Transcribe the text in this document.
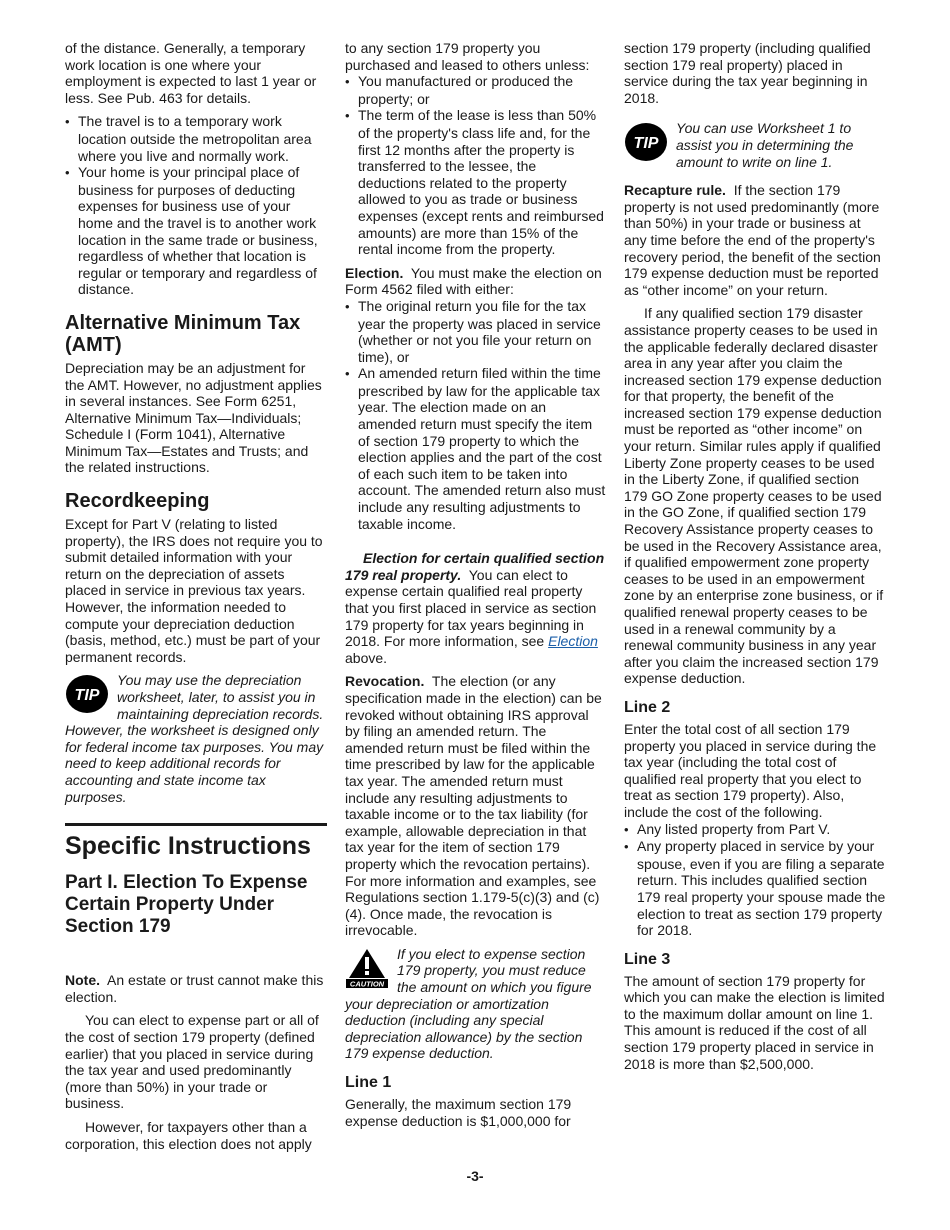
of the distance. Generally, a temporary work location is one where your employment is expected to last 1 year or less. See Pub. 463 for details.

• The travel is to a temporary work location outside the metropolitan area where you live and normally work.

• Your home is your principal place of business for purposes of deducting expenses for business use of your home and the travel is to another work location in the same trade or business, regardless of whether that location is regular or temporary and regardless of distance.

Alternative Minimum Tax (AMT)

Depreciation may be an adjustment for the AMT. However, no adjustment applies in several instances. See Form 6251, Alternative Minimum Tax—Individuals; Schedule I (Form 1041), Alternative Minimum Tax—Estates and Trusts; and the related instructions.

Recordkeeping

Except for Part V (relating to listed property), the IRS does not require you to submit detailed information with your return on the depreciation of assets placed in service in previous tax years. However, the information needed to compute your depreciation deduction (basis, method, etc.) must be part of your permanent records.

TIP
You may use the depreciation worksheet, later, to assist you in maintaining depreciation records. However, the worksheet is designed only for federal income tax purposes. You may need to keep additional records for accounting and state income tax purposes.
Specific Instructions
Part I. Election To Expense Certain Property Under Section 179

Note. An estate or trust cannot make this election.

You can elect to expense part or all of the cost of section 179 property (defined earlier) that you placed in service during the tax year and used predominantly (more than 50%) in your trade or business.

However, for taxpayers other than a corporation, this election does not apply

to any section 179 property you purchased and leased to others unless:

• You manufactured or produced the property; or

• The term of the lease is less than 50% of the property's class life and, for the first 12 months after the property is transferred to the lessee, the deductions related to the property allowed to you as trade or business expenses (except rents and reimbursed amounts) are more than 15% of the rental income from the property.

Election. You must make the election on Form 4562 filed with either:

• The original return you file for the tax year the property was placed in service (whether or not you file your return on time), or

• An amended return filed within the time prescribed by law for the applicable tax year. The election made on an amended return must specify the item of section 179 property to which the election applies and the part of the cost of each such item to be taken into account. The amended return also must include any resulting adjustments to taxable income.

Election for certain qualified section 179 real property. You can elect to expense certain qualified real property that you first placed in service as section 179 property for tax years beginning in 2018. For more information, see Election above.

Revocation. The election (or any specification made in the election) can be revoked without obtaining IRS approval by filing an amended return. The amended return must be filed within the time prescribed by law for the applicable tax year. The amended return must include any resulting adjustments to taxable income or to the tax liability (for example, allowable depreciation in that tax year for the item of section 179 property which the revocation pertains). For more information and examples, see Regulations section 1.179-5(c)(3) and (c)(4). Once made, the revocation is irrevocable.

CAUTION
If you elect to expense section 179 property, you must reduce the amount on which you figure your depreciation or amortization deduction (including any special depreciation allowance) by the section 179 expense deduction.
Line 1

Generally, the maximum section 179 expense deduction is $1,000,000 for

section 179 property (including qualified section 179 real property) placed in service during the tax year beginning in 2018.

TIP
You can use Worksheet 1 to assist you in determining the amount to write on line 1.

Recapture rule. If the section 179 property is not used predominantly (more than 50%) in your trade or business at any time before the end of the property's recovery period, the benefit of the section 179 expense deduction must be reported as “other income” on your return.

If any qualified section 179 disaster assistance property ceases to be used in the applicable federally declared disaster area in any year after you claim the increased section 179 expense deduction for that property, the benefit of the increased section 179 expense deduction must be reported as “other income” on your return. Similar rules apply if qualified Liberty Zone property ceases to be used in the Liberty Zone, if qualified section 179 GO Zone property ceases to be used in the GO Zone, if qualified section 179 Recovery Assistance property ceases to be used in the Recovery Assistance area, if qualified empowerment zone property ceases to be used in an empowerment zone by an enterprise zone business, or if qualified renewal property ceases to be used in a renewal community by a renewal community business in any year after you claim the increased section 179 expense deduction.

Line 2

Enter the total cost of all section 179 property you placed in service during the tax year (including the total cost of qualified real property that you elect to treat as section 179 property). Also, include the cost of the following.

• Any listed property from Part V.

• Any property placed in service by your spouse, even if you are filing a separate return. This includes qualified section 179 real property your spouse made the election to treat as section 179 property for 2018.

Line 3

The amount of section 179 property for which you can make the election is limited to the maximum dollar amount on line 1. This amount is reduced if the cost of all section 179 property placed in service in 2018 is more than $2,500,000.

-3-
